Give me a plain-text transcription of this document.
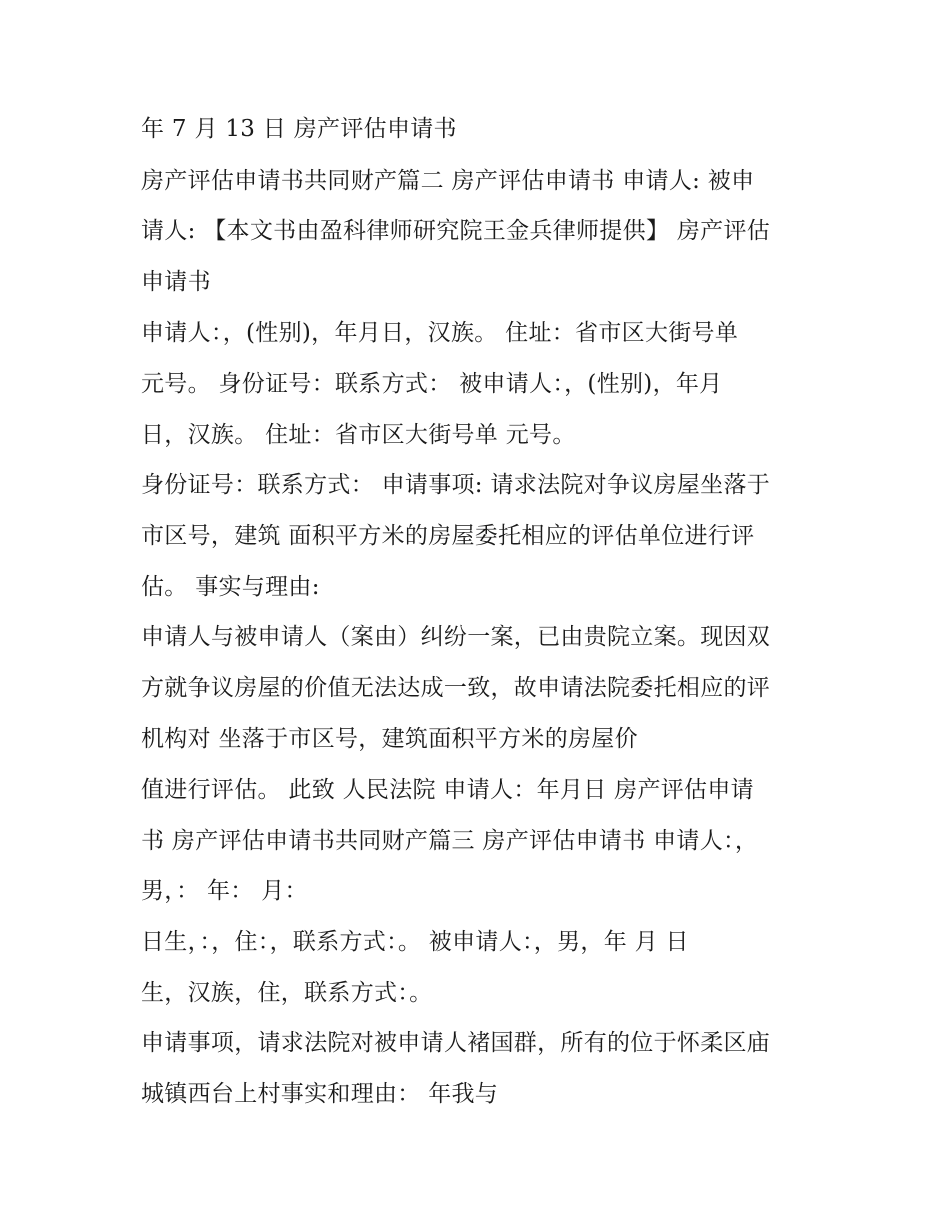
年 7 月 13 日 房产评估申请书

房产评估申请书共同财产篇二 房产评估申请书 申请人: 被申

请人: 【本文书由盈科律师研究院王金兵律师提供】 房产评估

申请书

申请人：，(性别)，年月日，汉族。 住址：省市区大街号单

元号。 身份证号：联系方式： 被申请人：，(性别)，年月

日，汉族。 住址：省市区大街号单 元号。

身份证号：联系方式： 申请事项: 请求法院对争议房屋坐落于

市区号，建筑 面积平方米的房屋委托相应的评估单位进行评

估。 事实与理由:

申请人与被申请人（案由）纠纷一案，已由贵院立案。现因双

方就争议房屋的价值无法达成一致，故申请法院委托相应的评

机构对 坐落于市区号，建筑面积平方米的房屋价

值进行评估。 此致 人民法院 申请人：年月日 房产评估申请

书 房产评估申请书共同财产篇三 房产评估申请书 申请人：，

男，： 年： 月：

日生，：，住：，联系方式：。 被申请人：，男，年 月 日

生，汉族，住，联系方式：。

申请事项，请求法院对被申请人褚国群，所有的位于怀柔区庙

城镇西台上村事实和理由： 年我与
